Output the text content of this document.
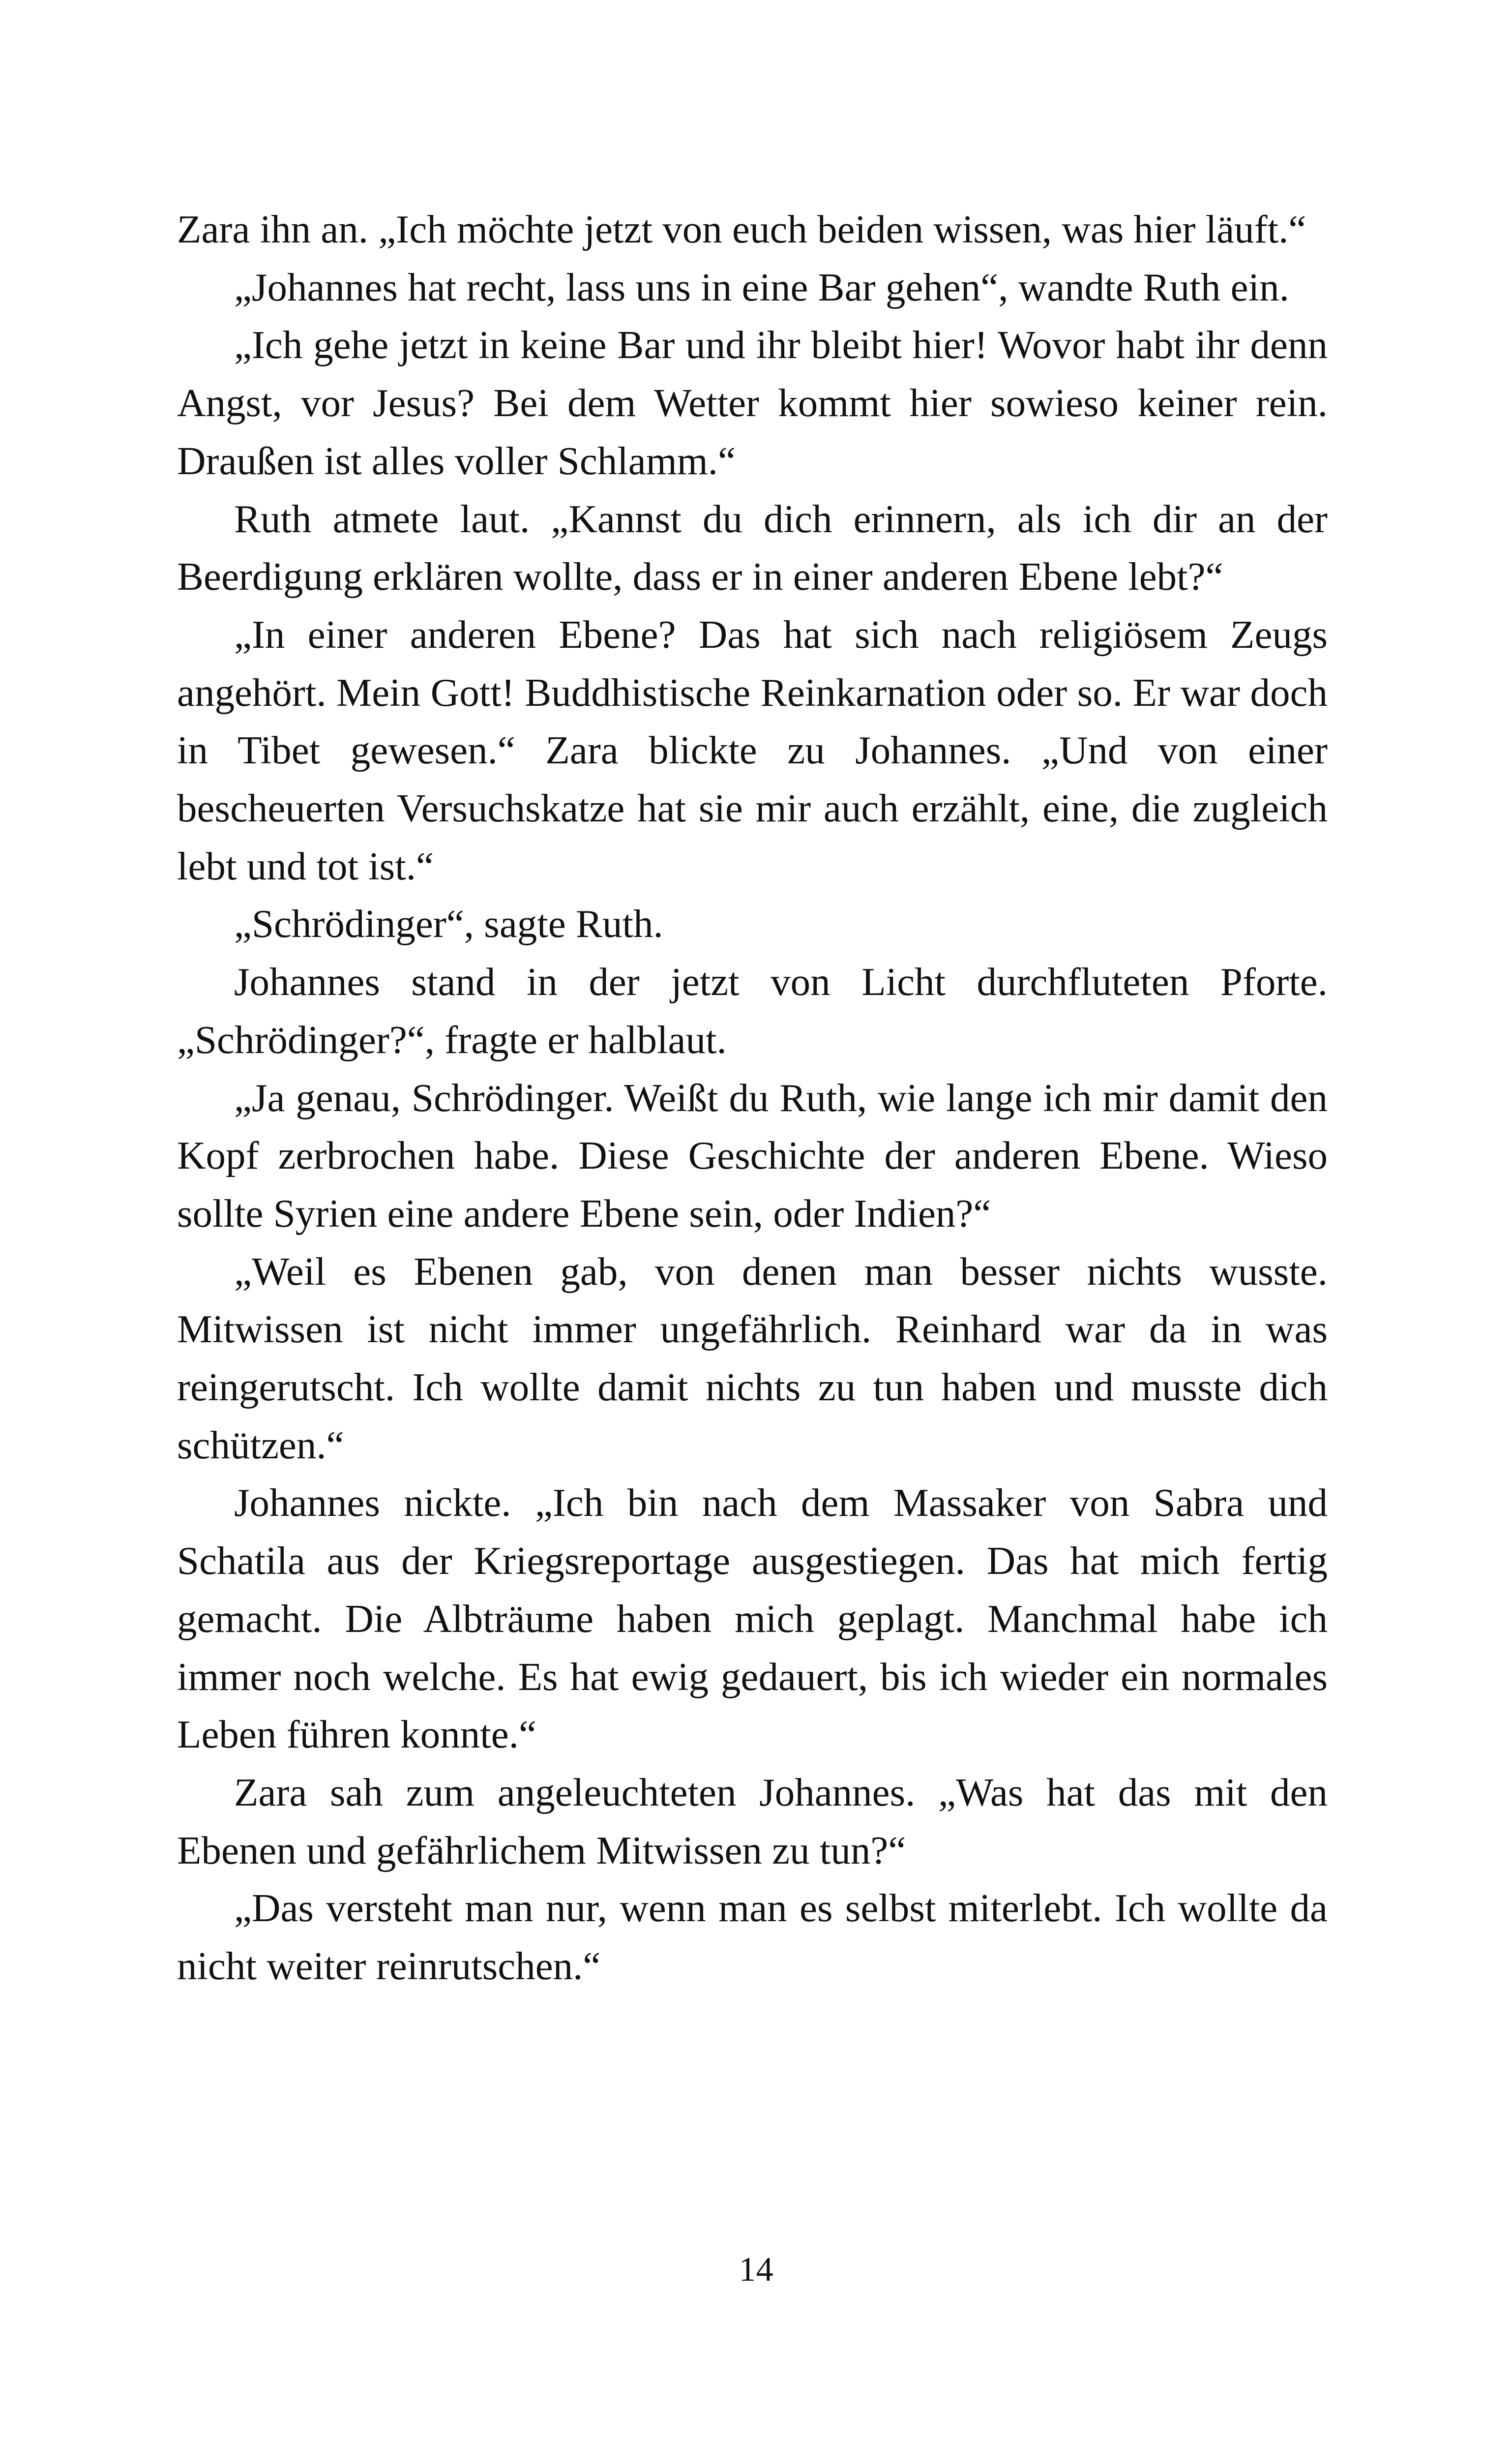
Zara ihn an. „Ich möchte jetzt von euch beiden wissen, was hier läuft.“

„Johannes hat recht, lass uns in eine Bar gehen“, wandte Ruth ein.

„Ich gehe jetzt in keine Bar und ihr bleibt hier! Wovor habt ihr denn Angst, vor Jesus? Bei dem Wetter kommt hier sowieso keiner rein. Draußen ist alles voller Schlamm.“

Ruth atmete laut. „Kannst du dich erinnern, als ich dir an der Beerdigung erklären wollte, dass er in einer anderen Ebene lebt?“

„In einer anderen Ebene? Das hat sich nach religiösem Zeugs angehört. Mein Gott! Buddhistische Reinkarnation oder so. Er war doch in Tibet gewesen.“ Zara blickte zu Johannes. „Und von einer bescheuerten Versuchskatze hat sie mir auch erzählt, eine, die zugleich lebt und tot ist.“

„Schrödinger“, sagte Ruth.

Johannes stand in der jetzt von Licht durchfluteten Pforte. „Schrödinger?“, fragte er halblaut.

„Ja genau, Schrödinger. Weißt du Ruth, wie lange ich mir damit den Kopf zerbrochen habe. Diese Geschichte der anderen Ebene. Wieso sollte Syrien eine andere Ebene sein, oder Indien?“

„Weil es Ebenen gab, von denen man besser nichts wusste. Mitwissen ist nicht immer ungefährlich. Reinhard war da in was reingerutscht. Ich wollte damit nichts zu tun haben und musste dich schützen.“

Johannes nickte. „Ich bin nach dem Massaker von Sabra und Schatila aus der Kriegsreportage ausgestiegen. Das hat mich fertig gemacht. Die Albträume haben mich geplagt. Manchmal habe ich immer noch welche. Es hat ewig gedauert, bis ich wieder ein normales Leben führen konnte.“

Zara sah zum angeleuchteten Johannes. „Was hat das mit den Ebenen und gefährlichem Mitwissen zu tun?“

„Das versteht man nur, wenn man es selbst miterlebt. Ich wollte da nicht weiter reinrutschen.“

14
